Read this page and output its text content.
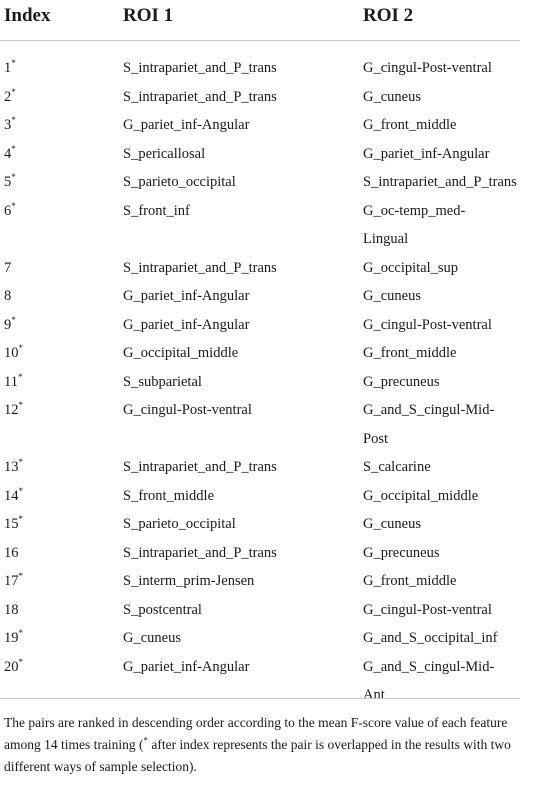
Index	ROI 1	ROI 2
1*	S_intrapariet_and_P_trans	G_cingul-Post-ventral
2*	S_intrapariet_and_P_trans	G_cuneus
3*	G_pariet_inf-Angular	G_front_middle
4*	S_pericallosal	G_pariet_inf-Angular
5*	S_parieto_occipital	S_intrapariet_and_P_trans
6*	S_front_inf	G_oc-temp_med-
Lingual
7	S_intrapariet_and_P_trans	G_occipital_sup
8	G_pariet_inf-Angular	G_cuneus
9*	G_pariet_inf-Angular	G_cingul-Post-ventral
10*	G_occipital_middle	G_front_middle
11*	S_subparietal	G_precuneus
12*	G_cingul-Post-ventral	G_and_S_cingul-Mid-
Post
13*	S_intrapariet_and_P_trans	S_calcarine
14*	S_front_middle	G_occipital_middle
15*	S_parieto_occipital	G_cuneus
16	S_intrapariet_and_P_trans	G_precuneus
17*	S_interm_prim-Jensen	G_front_middle
18	S_postcentral	G_cingul-Post-ventral
19*	G_cuneus	G_and_S_occipital_inf
20*	G_pariet_inf-Angular	G_and_S_cingul-Mid-
Ant
The pairs are ranked in descending order according to the mean F-score value of each feature among 14 times training (* after index represents the pair is overlapped in the results with two different ways of sample selection).
